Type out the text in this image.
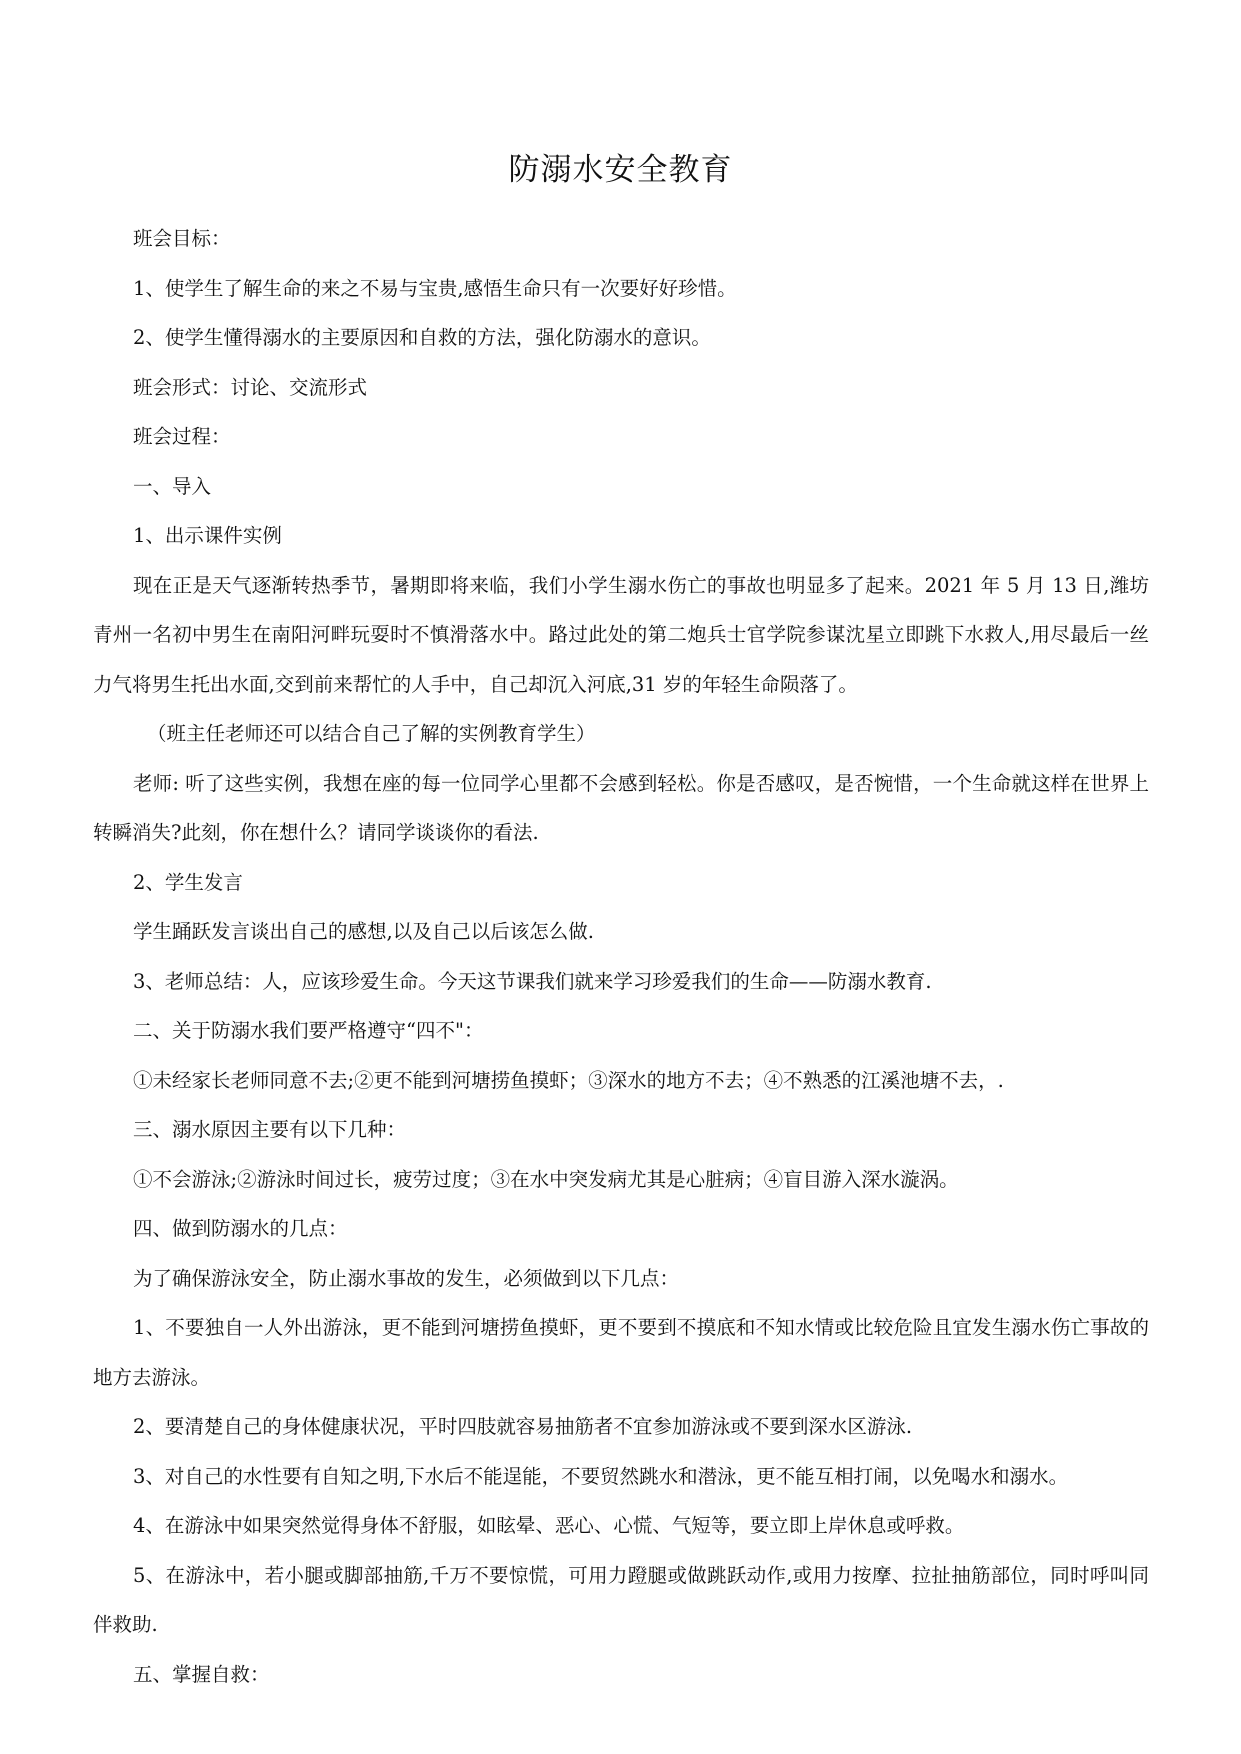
防溺水安全教育

班会目标：

1、使学生了解生命的来之不易与宝贵,感悟生命只有一次要好好珍惜。

2、使学生懂得溺水的主要原因和自救的方法，强化防溺水的意识。

班会形式：讨论、交流形式

班会过程：

一、导入

1、出示课件实例

现在正是天气逐渐转热季节，暑期即将来临，我们小学生溺水伤亡的事故也明显多了起来。2021 年 5 月 13 日,潍坊青州一名初中男生在南阳河畔玩耍时不慎滑落水中。路过此处的第二炮兵士官学院参谋沈星立即跳下水救人,用尽最后一丝力气将男生托出水面,交到前来帮忙的人手中，自己却沉入河底,31 岁的年轻生命陨落了。

（班主任老师还可以结合自己了解的实例教育学生）

老师: 听了这些实例，我想在座的每一位同学心里都不会感到轻松。你是否感叹，是否惋惜，一个生命就这样在世界上转瞬消失?此刻，你在想什么？请同学谈谈你的看法.

2、学生发言

学生踊跃发言谈出自己的感想,以及自己以后该怎么做.

3、老师总结：人，应该珍爱生命。今天这节课我们就来学习珍爱我们的生命——防溺水教育.

二、关于防溺水我们要严格遵守“四不"：

①未经家长老师同意不去;②更不能到河塘捞鱼摸虾；③深水的地方不去；④不熟悉的江溪池塘不去，.

三、溺水原因主要有以下几种：

①不会游泳;②游泳时间过长，疲劳过度；③在水中突发病尤其是心脏病；④盲目游入深水漩涡。

四、做到防溺水的几点：

为了确保游泳安全，防止溺水事故的发生，必须做到以下几点：

1、不要独自一人外出游泳，更不能到河塘捞鱼摸虾，更不要到不摸底和不知水情或比较危险且宜发生溺水伤亡事故的地方去游泳。

2、要清楚自己的身体健康状况，平时四肢就容易抽筋者不宜参加游泳或不要到深水区游泳.

3、对自己的水性要有自知之明,下水后不能逞能，不要贸然跳水和潜泳，更不能互相打闹，以免喝水和溺水。

4、在游泳中如果突然觉得身体不舒服，如眩晕、恶心、心慌、气短等，要立即上岸休息或呼救。

5、在游泳中，若小腿或脚部抽筋,千万不要惊慌，可用力蹬腿或做跳跃动作,或用力按摩、拉扯抽筋部位，同时呼叫同伴救助.

五、掌握自救：
